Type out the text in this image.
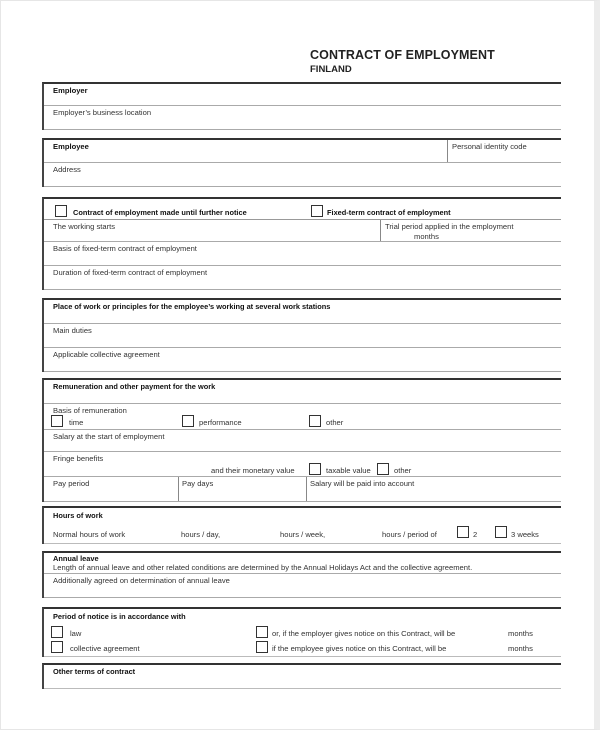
CONTRACT OF EMPLOYMENT
FINLAND
Employer
Employer’s business location
Employee	Personal identity code
Address
Contract of employment made until further notice	Fixed-term contract of employment
The working starts	Trial period applied in the employment
months
Basis of fixed-term contract of employment
Duration of fixed-term contract of employment
Place of work or principles for the employee’s working at several work stations
Main duties
Applicable collective agreement
Remuneration and other payment for the work
Basis of remuneration
time	performance	other
Salary at the start of employment
Fringe benefits
and their monetary value	taxable value	other
Pay period	Pay days	Salary will be paid into account
Hours of work
Normal hours of work	hours / day,	hours / week,	hours / period of	2	3 weeks
Annual leave
Length of annual leave and other related conditions are determined by the Annual Holidays Act and the collective agreement.
Additionally agreed on determination of annual leave
Period of notice is in accordance with
law
collective agreement
or, if the employer gives notice on this Contract, will be	months
if the employee gives notice on this Contract, will be	months
Other terms of contract
